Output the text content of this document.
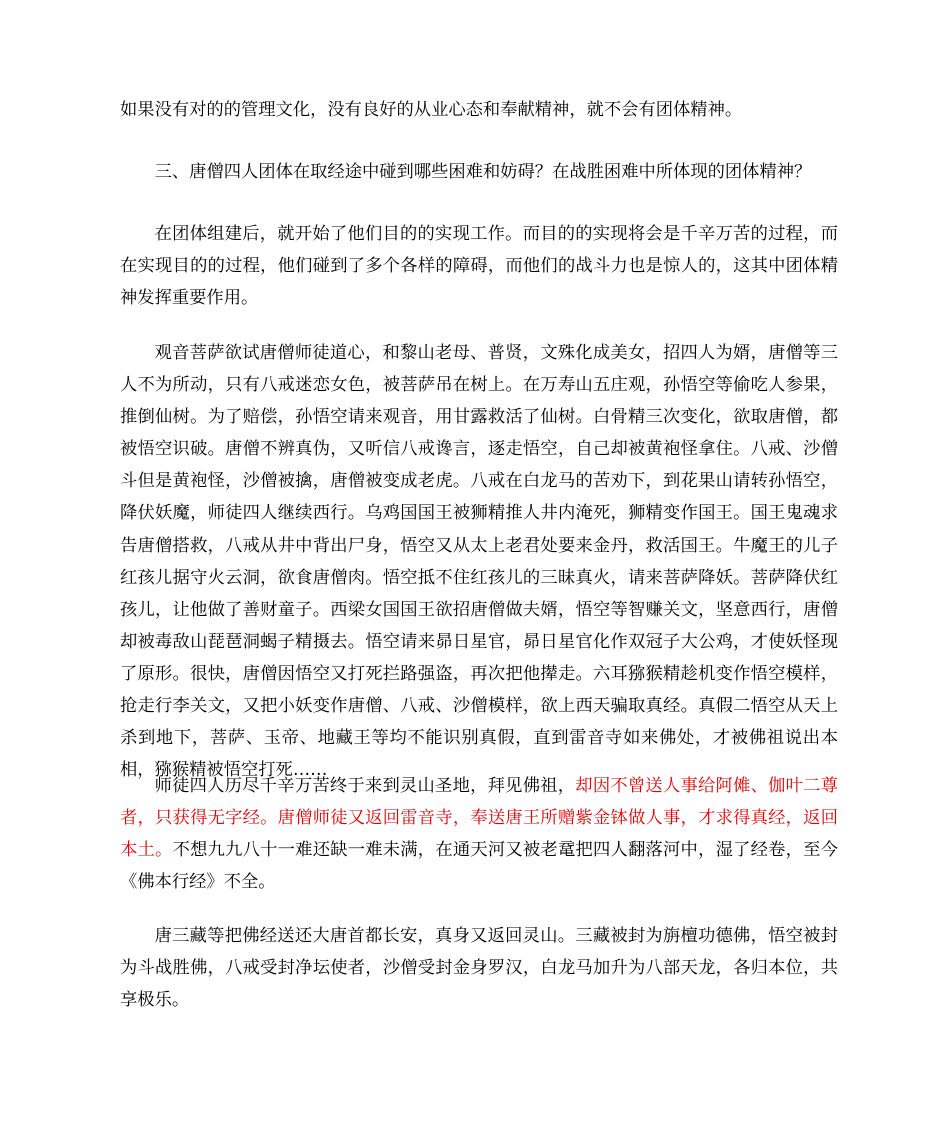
如果没有对的的管理文化，没有良好的从业心态和奉献精神，就不会有团体精神。

三、唐僧四人团体在取经途中碰到哪些困难和妨碍？在战胜困难中所体现的团体精神？

在团体组建后，就开始了他们目的的实现工作。而目的的实现将会是千辛万苦的过程，而在实现目的的过程，他们碰到了多个各样的障碍，而他们的战斗力也是惊人的，这其中团体精神发挥重要作用。

观音菩萨欲试唐僧师徒道心，和黎山老母、普贤，文殊化成美女，招四人为婿，唐僧等三人不为所动，只有八戒迷恋女色，被菩萨吊在树上。在万寿山五庄观，孙悟空等偷吃人参果，推倒仙树。为了赔偿，孙悟空请来观音，用甘露救活了仙树。白骨精三次变化，欲取唐僧，都被悟空识破。唐僧不辨真伪，又听信八戒谗言，逐走悟空，自己却被黄袍怪拿住。八戒、沙僧斗但是黄袍怪，沙僧被擒，唐僧被变成老虎。八戒在白龙马的苦劝下，到花果山请转孙悟空，降伏妖魔，师徒四人继续西行。乌鸡国国王被狮精推人井内淹死，狮精变作国王。国王鬼魂求告唐僧搭救，八戒从井中背出尸身，悟空又从太上老君处要来金丹，救活国王。牛魔王的儿子红孩儿据守火云洞，欲食唐僧肉。悟空抵不住红孩儿的三昧真火，请来菩萨降妖。菩萨降伏红孩儿，让他做了善财童子。西梁女国国王欲招唐僧做夫婿，悟空等智赚关文，坚意西行，唐僧却被毒敌山琵琶洞蝎子精摄去。悟空请来昴日星官，昴日星官化作双冠子大公鸡，才使妖怪现了原形。很快，唐僧因悟空又打死拦路强盗，再次把他撵走。六耳猕猴精趁机变作悟空模样，抢走行李关文，又把小妖变作唐僧、八戒、沙僧模样，欲上西天骗取真经。真假二悟空从天上杀到地下，菩萨、玉帝、地藏王等均不能识别真假，直到雷音寺如来佛处，才被佛祖说出本相，猕猴精被悟空打死……

师徒四人历尽千辛万苦终于来到灵山圣地，拜见佛祖，却因不曾送人事给阿傩、伽叶二尊者，只获得无字经。唐僧师徒又返回雷音寺，奉送唐王所赠紫金钵做人事，才求得真经，返回本土。不想九九八十一难还缺一难未满，在通天河又被老鼋把四人翻落河中，湿了经卷，至今《佛本行经》不全。

唐三藏等把佛经送还大唐首都长安，真身又返回灵山。三藏被封为旃檀功德佛，悟空被封为斗战胜佛，八戒受封净坛使者，沙僧受封金身罗汉，白龙马加升为八部天龙，各归本位，共享极乐。
